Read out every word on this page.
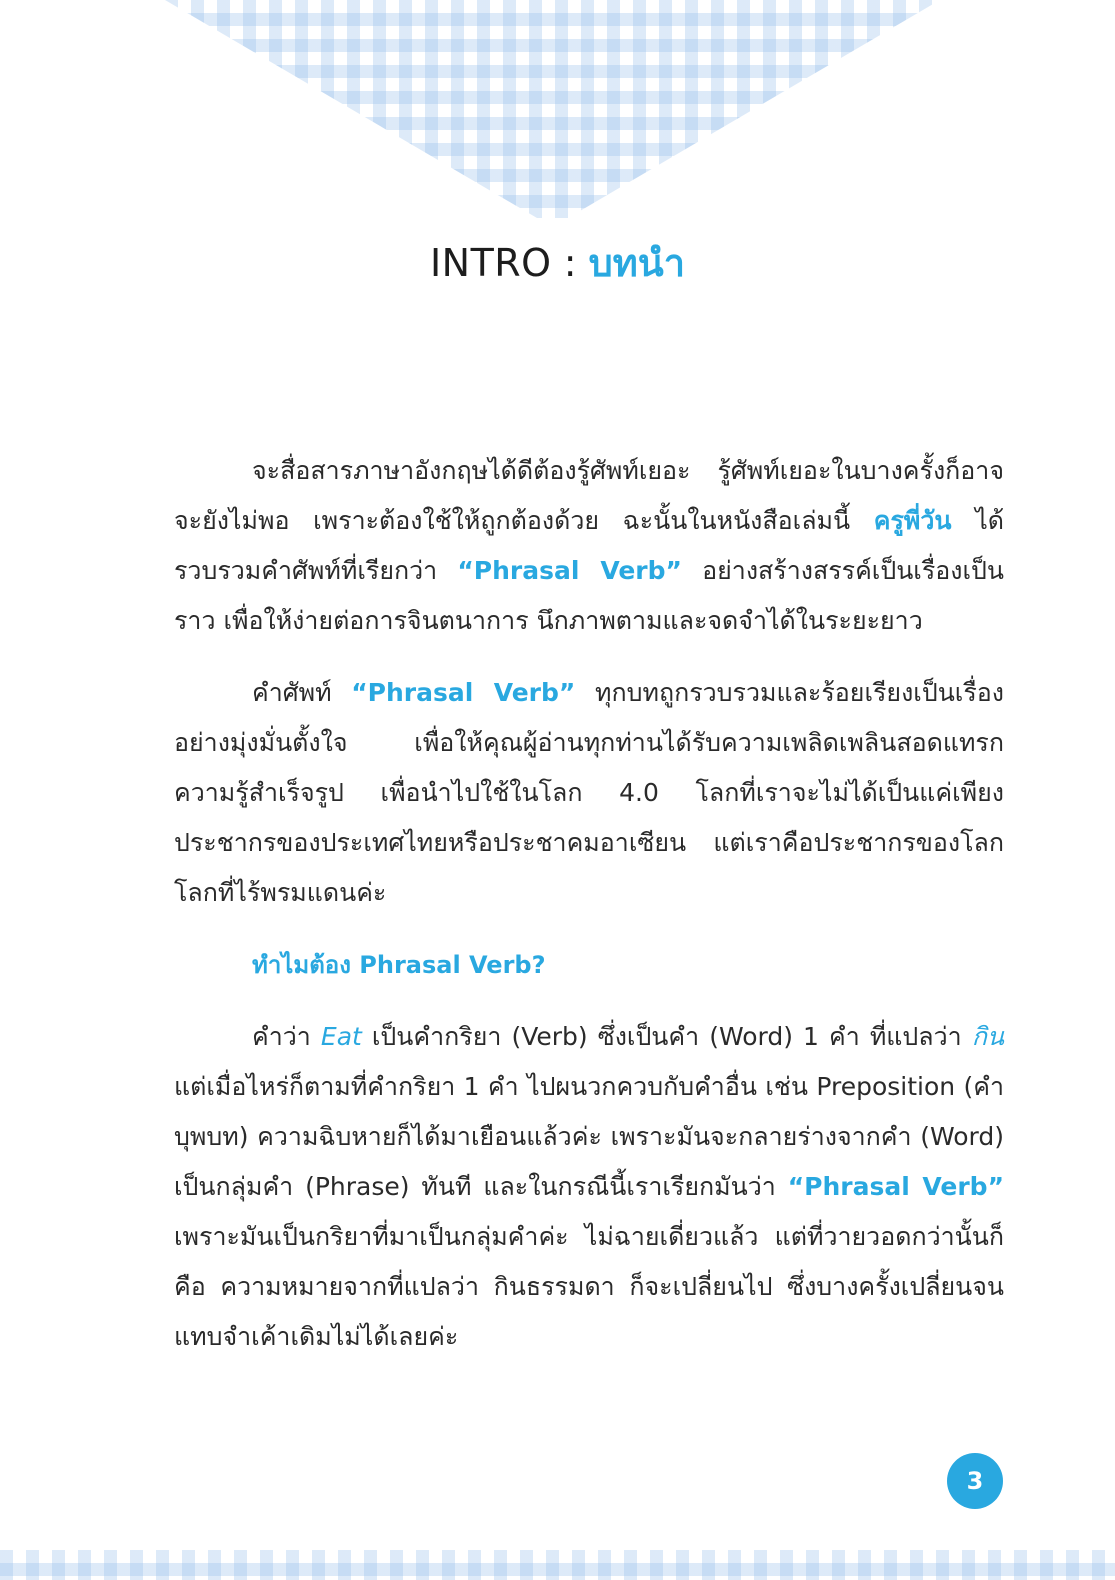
INTRO : บทนำ

จะสื่อสารภาษาอังกฤษได้ดีต้องรู้ศัพท์เยอะ รู้ศัพท์เยอะในบางครั้งก็อาจจะยังไม่พอ เพราะต้องใช้ให้ถูกต้องด้วย ฉะนั้นในหนังสือเล่มนี้ ครูพี่วัน ได้รวบรวมคำศัพท์ที่เรียกว่า “Phrasal Verb” อย่างสร้างสรรค์เป็นเรื่องเป็นราว เพื่อให้ง่ายต่อการจินตนาการ นึกภาพตามและจดจำได้ในระยะยาว

คำศัพท์ “Phrasal Verb” ทุกบทถูกรวบรวมและร้อยเรียงเป็นเรื่องอย่างมุ่งมั่นตั้งใจ เพื่อให้คุณผู้อ่านทุกท่านได้รับความเพลิดเพลินสอดแทรกความรู้สำเร็จรูป เพื่อนำไปใช้ในโลก 4.0 โลกที่เราจะไม่ได้เป็นแค่เพียงประชากรของประเทศไทยหรือประชาคมอาเซียน แต่เราคือประชากรของโลกโลกที่ไร้พรมแดนค่ะ

ทำไมต้อง Phrasal Verb?

คำว่า Eat เป็นคำกริยา (Verb) ซึ่งเป็นคำ (Word) 1 คำ ที่แปลว่า กิน แต่เมื่อไหร่ก็ตามที่คำกริยา 1 คำ ไปผนวกควบกับคำอื่น เช่น Preposition (คำบุพบท) ความฉิบหายก็ได้มาเยือนแล้วค่ะ เพราะมันจะกลายร่างจากคำ (Word) เป็นกลุ่มคำ (Phrase) ทันที และในกรณีนี้เราเรียกมันว่า “Phrasal Verb” เพราะมันเป็นกริยาที่มาเป็นกลุ่มคำค่ะ ไม่ฉายเดี่ยวแล้ว แต่ที่วายวอดกว่านั้นก็คือ ความหมายจากที่แปลว่า กินธรรมดา ก็จะเปลี่ยนไป ซึ่งบางครั้งเปลี่ยนจนแทบจำเค้าเดิมไม่ได้เลยค่ะ

3
